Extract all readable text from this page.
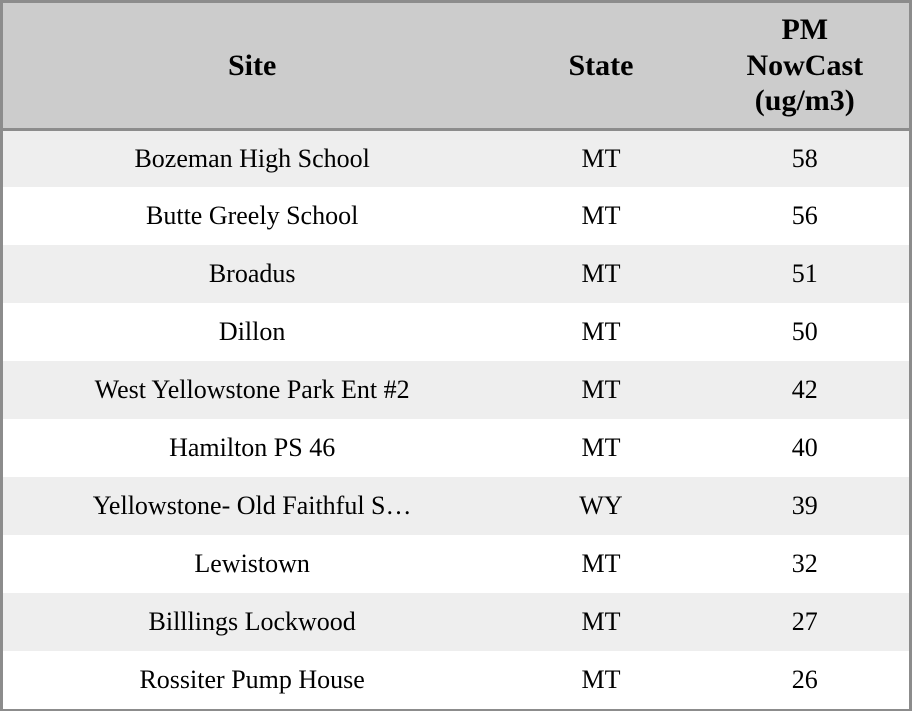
Site	State	PM
NowCast
(ug/m3)
Bozeman High School	MT	58
Butte Greely School	MT	56
Broadus	MT	51
Dillon	MT	50
West Yellowstone Park Ent #2	MT	42
Hamilton PS 46	MT	40
Yellowstone- Old Faithful S…	WY	39
Lewistown	MT	32
Billlings Lockwood	MT	27
Rossiter Pump House	MT	26
